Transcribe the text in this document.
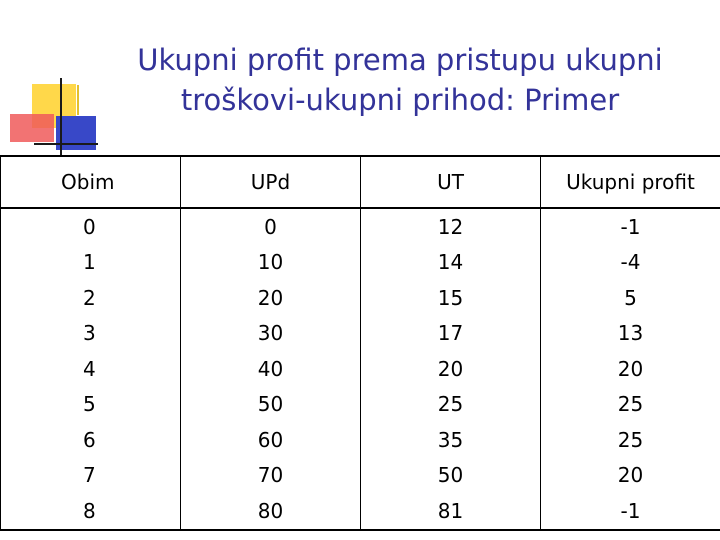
Ukupni profit prema pristupu ukupni
troškovi-ukupni prihod: Primer
Obim	UPd	UT	Ukupni profit
0	0	12	-1
1	10	14	-4
2	20	15	5
3	30	17	13
4	40	20	20
5	50	25	25
6	60	35	25
7	70	50	20
8	80	81	-1
